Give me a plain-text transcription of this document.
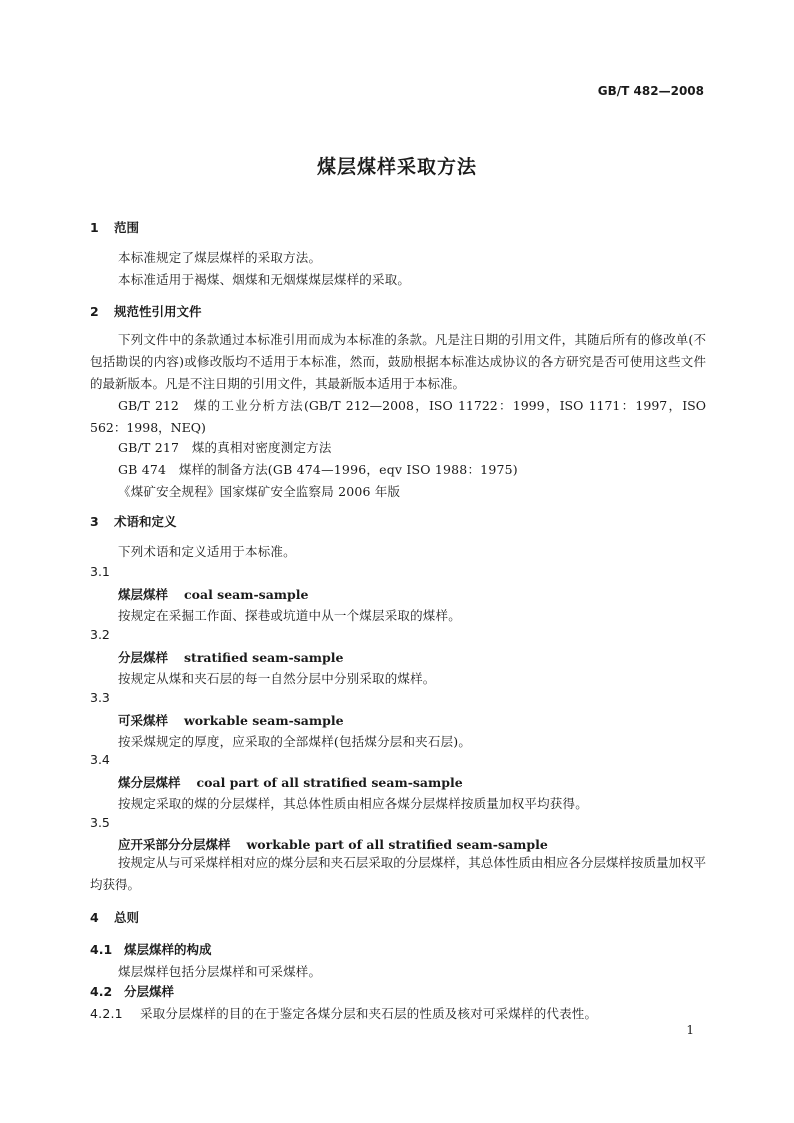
GB/T 482—2008
煤层煤样采取方法
1 范围
本标准规定了煤层煤样的采取方法。
本标准适用于褐煤、烟煤和无烟煤煤层煤样的采取。
2 规范性引用文件
下列文件中的条款通过本标准引用而成为本标准的条款。凡是注日期的引用文件，其随后所有的修改单(不包括勘误的内容)或修改版均不适用于本标准，然而，鼓励根据本标准达成协议的各方研究是否可使用这些文件的最新版本。凡是不注日期的引用文件，其最新版本适用于本标准。
GB/T 212　煤的工业分析方法(GB/T 212—2008，ISO 11722：1999，ISO 1171：1997，ISO 562：1998，NEQ)
GB/T 217　煤的真相对密度测定方法
GB 474　煤样的制备方法(GB 474—1996，eqv ISO 1988：1975)
《煤矿安全规程》国家煤矿安全监察局 2006 年版
3 术语和定义
下列术语和定义适用于本标准。
3.1
煤层煤样 coal seam-sample
按规定在采掘工作面、探巷或坑道中从一个煤层采取的煤样。
3.2
分层煤样 stratified seam-sample
按规定从煤和夹石层的每一自然分层中分别采取的煤样。
3.3
可采煤样 workable seam-sample
按采煤规定的厚度，应采取的全部煤样(包括煤分层和夹石层)。
3.4
煤分层煤样 coal part of all stratified seam-sample
按规定采取的煤的分层煤样，其总体性质由相应各煤分层煤样按质量加权平均获得。
3.5
应开采部分分层煤样 workable part of all stratified seam-sample
按规定从与可采煤样相对应的煤分层和夹石层采取的分层煤样，其总体性质由相应各分层煤样按质量加权平均获得。
4 总则
4.1 煤层煤样的构成
煤层煤样包括分层煤样和可采煤样。
4.2 分层煤样
4.2.1 采取分层煤样的目的在于鉴定各煤分层和夹石层的性质及核对可采煤样的代表性。
1
